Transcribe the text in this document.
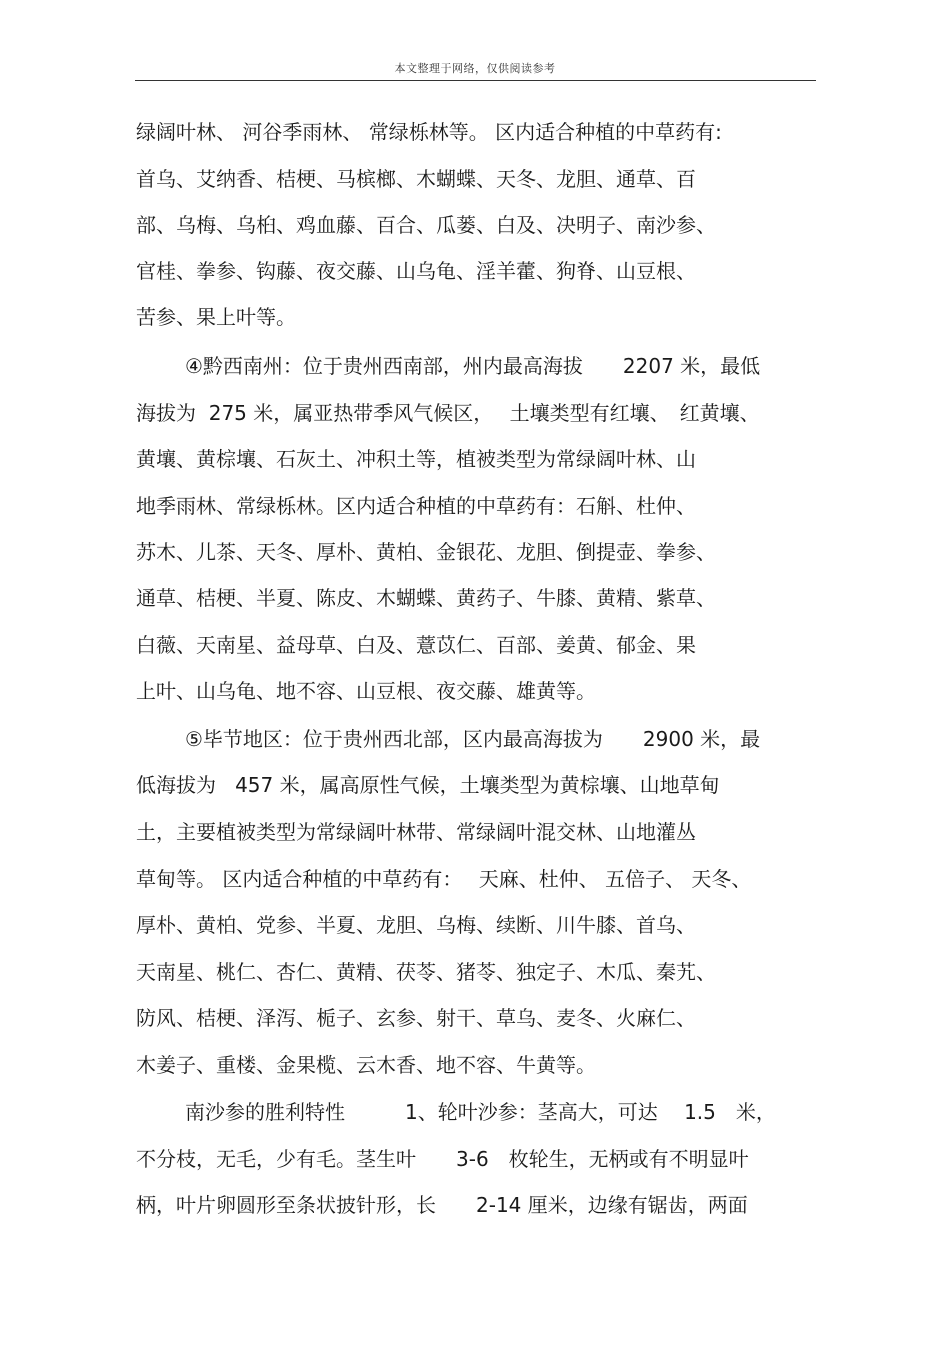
本文整理于网络，仅供阅读参考
绿阔叶林、 河谷季雨林、 常绿栎林等。 区内适合种植的中草药有:
首乌、艾纳香、桔梗、马槟榔、木蝴蝶、天冬、龙胆、通草、百
部、乌梅、乌桕、鸡血藤、百合、瓜蒌、白及、决明子、南沙参、
官桂、拳参、钩藤、夜交藤、山乌龟、淫羊藿、狗脊、山豆根、
苦参、果上叶等。
④黔西南州：位于贵州西南部，州内最高海拔　　2207 米，最低
海拔为  275 米，属亚热带季风气候区，　 土壤类型有红壤、　红黄壤、
黄壤、黄棕壤、石灰土、冲积土等，植被类型为常绿阔叶林、山
地季雨林、常绿栎林。区内适合种植的中草药有：石斛、杜仲、
苏木、儿茶、天冬、厚朴、黄柏、金银花、龙胆、倒提壶、拳参、
通草、桔梗、半夏、陈皮、木蝴蝶、黄药子、牛膝、黄精、紫草、
白薇、天南星、益母草、白及、薏苡仁、百部、姜黄、郁金、果
上叶、山乌龟、地不容、山豆根、夜交藤、雄黄等。
⑤毕节地区：位于贵州西北部，区内最高海拔为　　2900 米，最
低海拔为   457 米，属高原性气候，土壤类型为黄棕壤、山地草甸
土，主要植被类型为常绿阔叶林带、常绿阔叶混交林、山地灌丛
草甸等。 区内适合种植的中草药有：　 天麻、杜仲、 五倍子、 天冬、
厚朴、黄柏、党参、半夏、龙胆、乌梅、续断、川牛膝、首乌、
天南星、桃仁、杏仁、黄精、茯苓、猪苓、独定子、木瓜、秦艽、
防风、桔梗、泽泻、栀子、玄参、射干、草乌、麦冬、火麻仁、
木姜子、重楼、金果榄、云木香、地不容、牛黄等。
南沙参的胜利特性　　　1、轮叶沙参：茎高大，可达　 1.5　米，
不分枝，无毛，少有毛。茎生叶　　3-6　枚轮生，无柄或有不明显叶
柄，叶片卵圆形至条状披针形，长　　2-14 厘米，边缘有锯齿，两面
